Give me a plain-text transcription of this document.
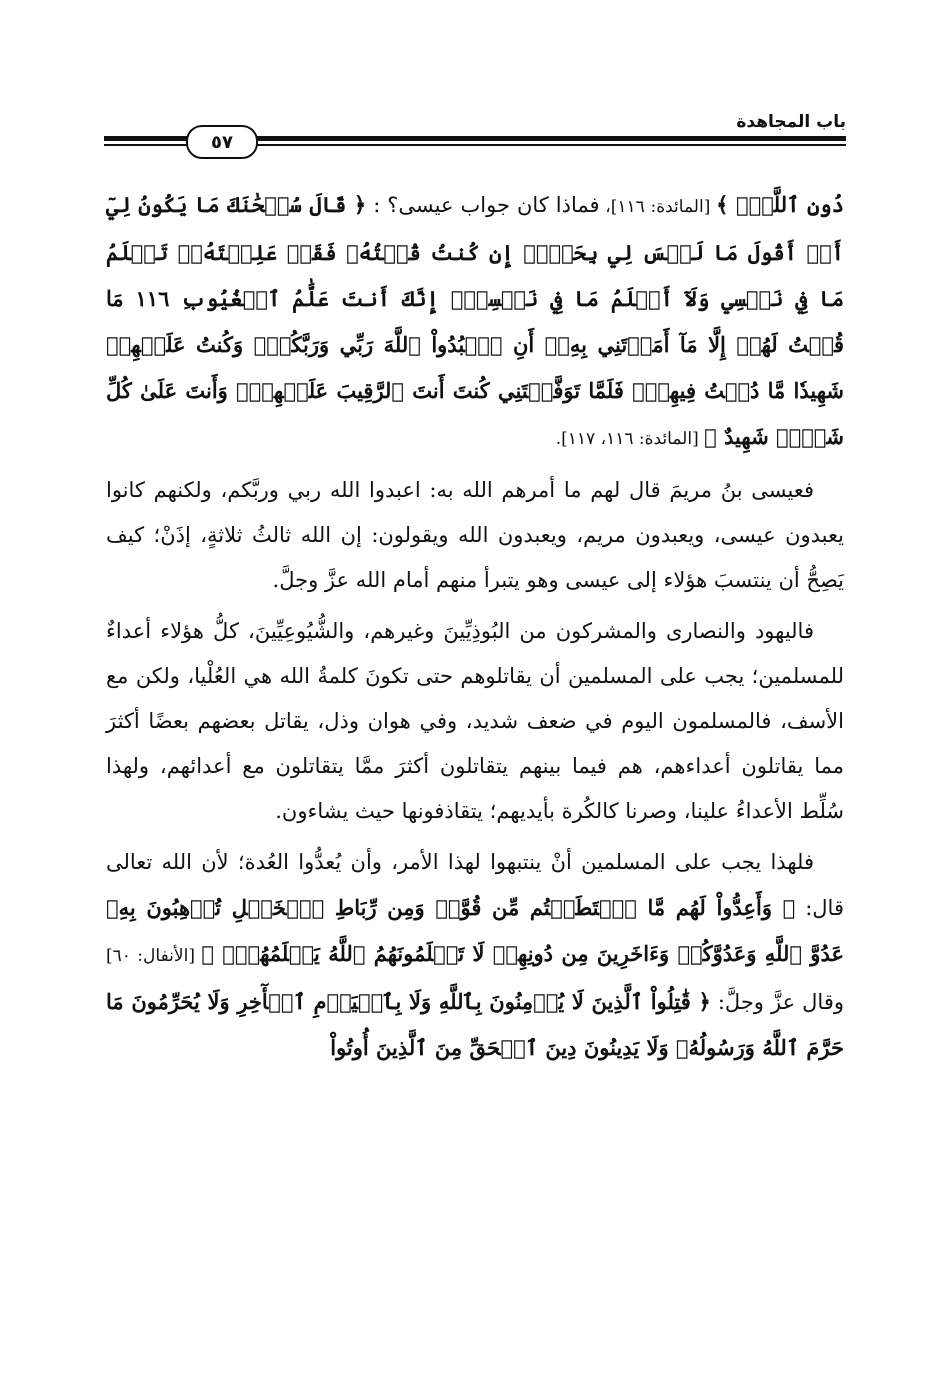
باب المجاهدة
٥٧

دُونِ ٱللَّهِۖ ﴾ [المائدة: ١١٦]، فماذا كان جواب عيسى؟ : ﴿ قَالَ سُبۡحَٰنَكَ مَا يَكُونُ لِيٓ أَنۡ أَقُولَ مَا لَيۡسَ لِي بِحَقٍّۚ إِن كُنتُ قُلۡتُهُۥ فَقَدۡ عَلِمۡتَهُۥۚ تَعۡلَمُ مَا فِي نَفۡسِي وَلَآ أَعۡلَمُ مَا فِي نَفۡسِكَۚ إِنَّكَ أَنتَ عَلَّٰمُ ٱلۡغُيُوبِ ١١٦ مَا قُلۡتُ لَهُمۡ إِلَّا مَآ أَمَرۡتَنِي بِهِۦٓ أَنِ ٱعۡبُدُواْ ٱللَّهَ رَبِّي وَرَبَّكُمۡۚ وَكُنتُ عَلَيۡهِمۡ شَهِيدٗا مَّا دُمۡتُ فِيهِمۡۖ فَلَمَّا تَوَفَّيۡتَنِي كُنتَ أَنتَ ٱلرَّقِيبَ عَلَيۡهِمۡۚ وَأَنتَ عَلَىٰ كُلِّ شَيۡءٖ شَهِيدٌ ﴾ [المائدة: ١١٦، ١١٧].

فعيسى بنُ مريمَ قال لهم ما أمرهم الله به: اعبدوا الله ربي وربَّكم، ولكنهم كانوا يعبدون عيسى، ويعبدون مريم، ويعبدون الله ويقولون: إن الله ثالثُ ثلاثةٍ، إذَنْ؛ كيف يَصِحُّ أن ينتسبَ هؤلاء إلى عيسى وهو يتبرأ منهم أمام الله عزَّ وجلَّ.

فاليهود والنصارى والمشركون من البُوذِيِّينَ وغيرهم، والشُّيُوعِيِّينَ، كلُّ هؤلاء أعداءٌ للمسلمين؛ يجب على المسلمين أن يقاتلوهم حتى تكونَ كلمةُ الله هي العُلْيا، ولكن مع الأسف، فالمسلمون اليوم في ضعف شديد، وفي هوان وذل، يقاتل بعضهم بعضًا أكثرَ مما يقاتلون أعداءهم، هم فيما بينهم يتقاتلون أكثرَ ممَّا يتقاتلون مع أعدائهم، ولهذا سُلِّط الأعداءُ علينا، وصرنا كالكُرة بأيديهم؛ يتقاذفونها حيث يشاءون.

فلهذا يجب على المسلمين أنْ ينتبهوا لهذا الأمر، وأن يُعدُّوا العُدة؛ لأن الله تعالى قال: ﴿ وَأَعِدُّواْ لَهُم مَّا ٱسۡتَطَعۡتُم مِّن قُوَّةٖ وَمِن رِّبَاطِ ٱلۡخَيۡلِ تُرۡهِبُونَ بِهِۦ عَدُوَّ ٱللَّهِ وَعَدُوَّكُمۡ وَءَاخَرِينَ مِن دُونِهِمۡ لَا تَعۡلَمُونَهُمُ ٱللَّهُ يَعۡلَمُهُمۡۚ ﴾ [الأنفال: ٦٠] وقال عزَّ وجلَّ: ﴿ قَٰتِلُواْ ٱلَّذِينَ لَا يُؤۡمِنُونَ بِٱللَّهِ وَلَا بِٱلۡيَوۡمِ ٱلۡأٓخِرِ وَلَا يُحَرِّمُونَ مَا حَرَّمَ ٱللَّهُ وَرَسُولُهُۥ وَلَا يَدِينُونَ دِينَ ٱلۡحَقِّ مِنَ ٱلَّذِينَ أُوتُواْ
